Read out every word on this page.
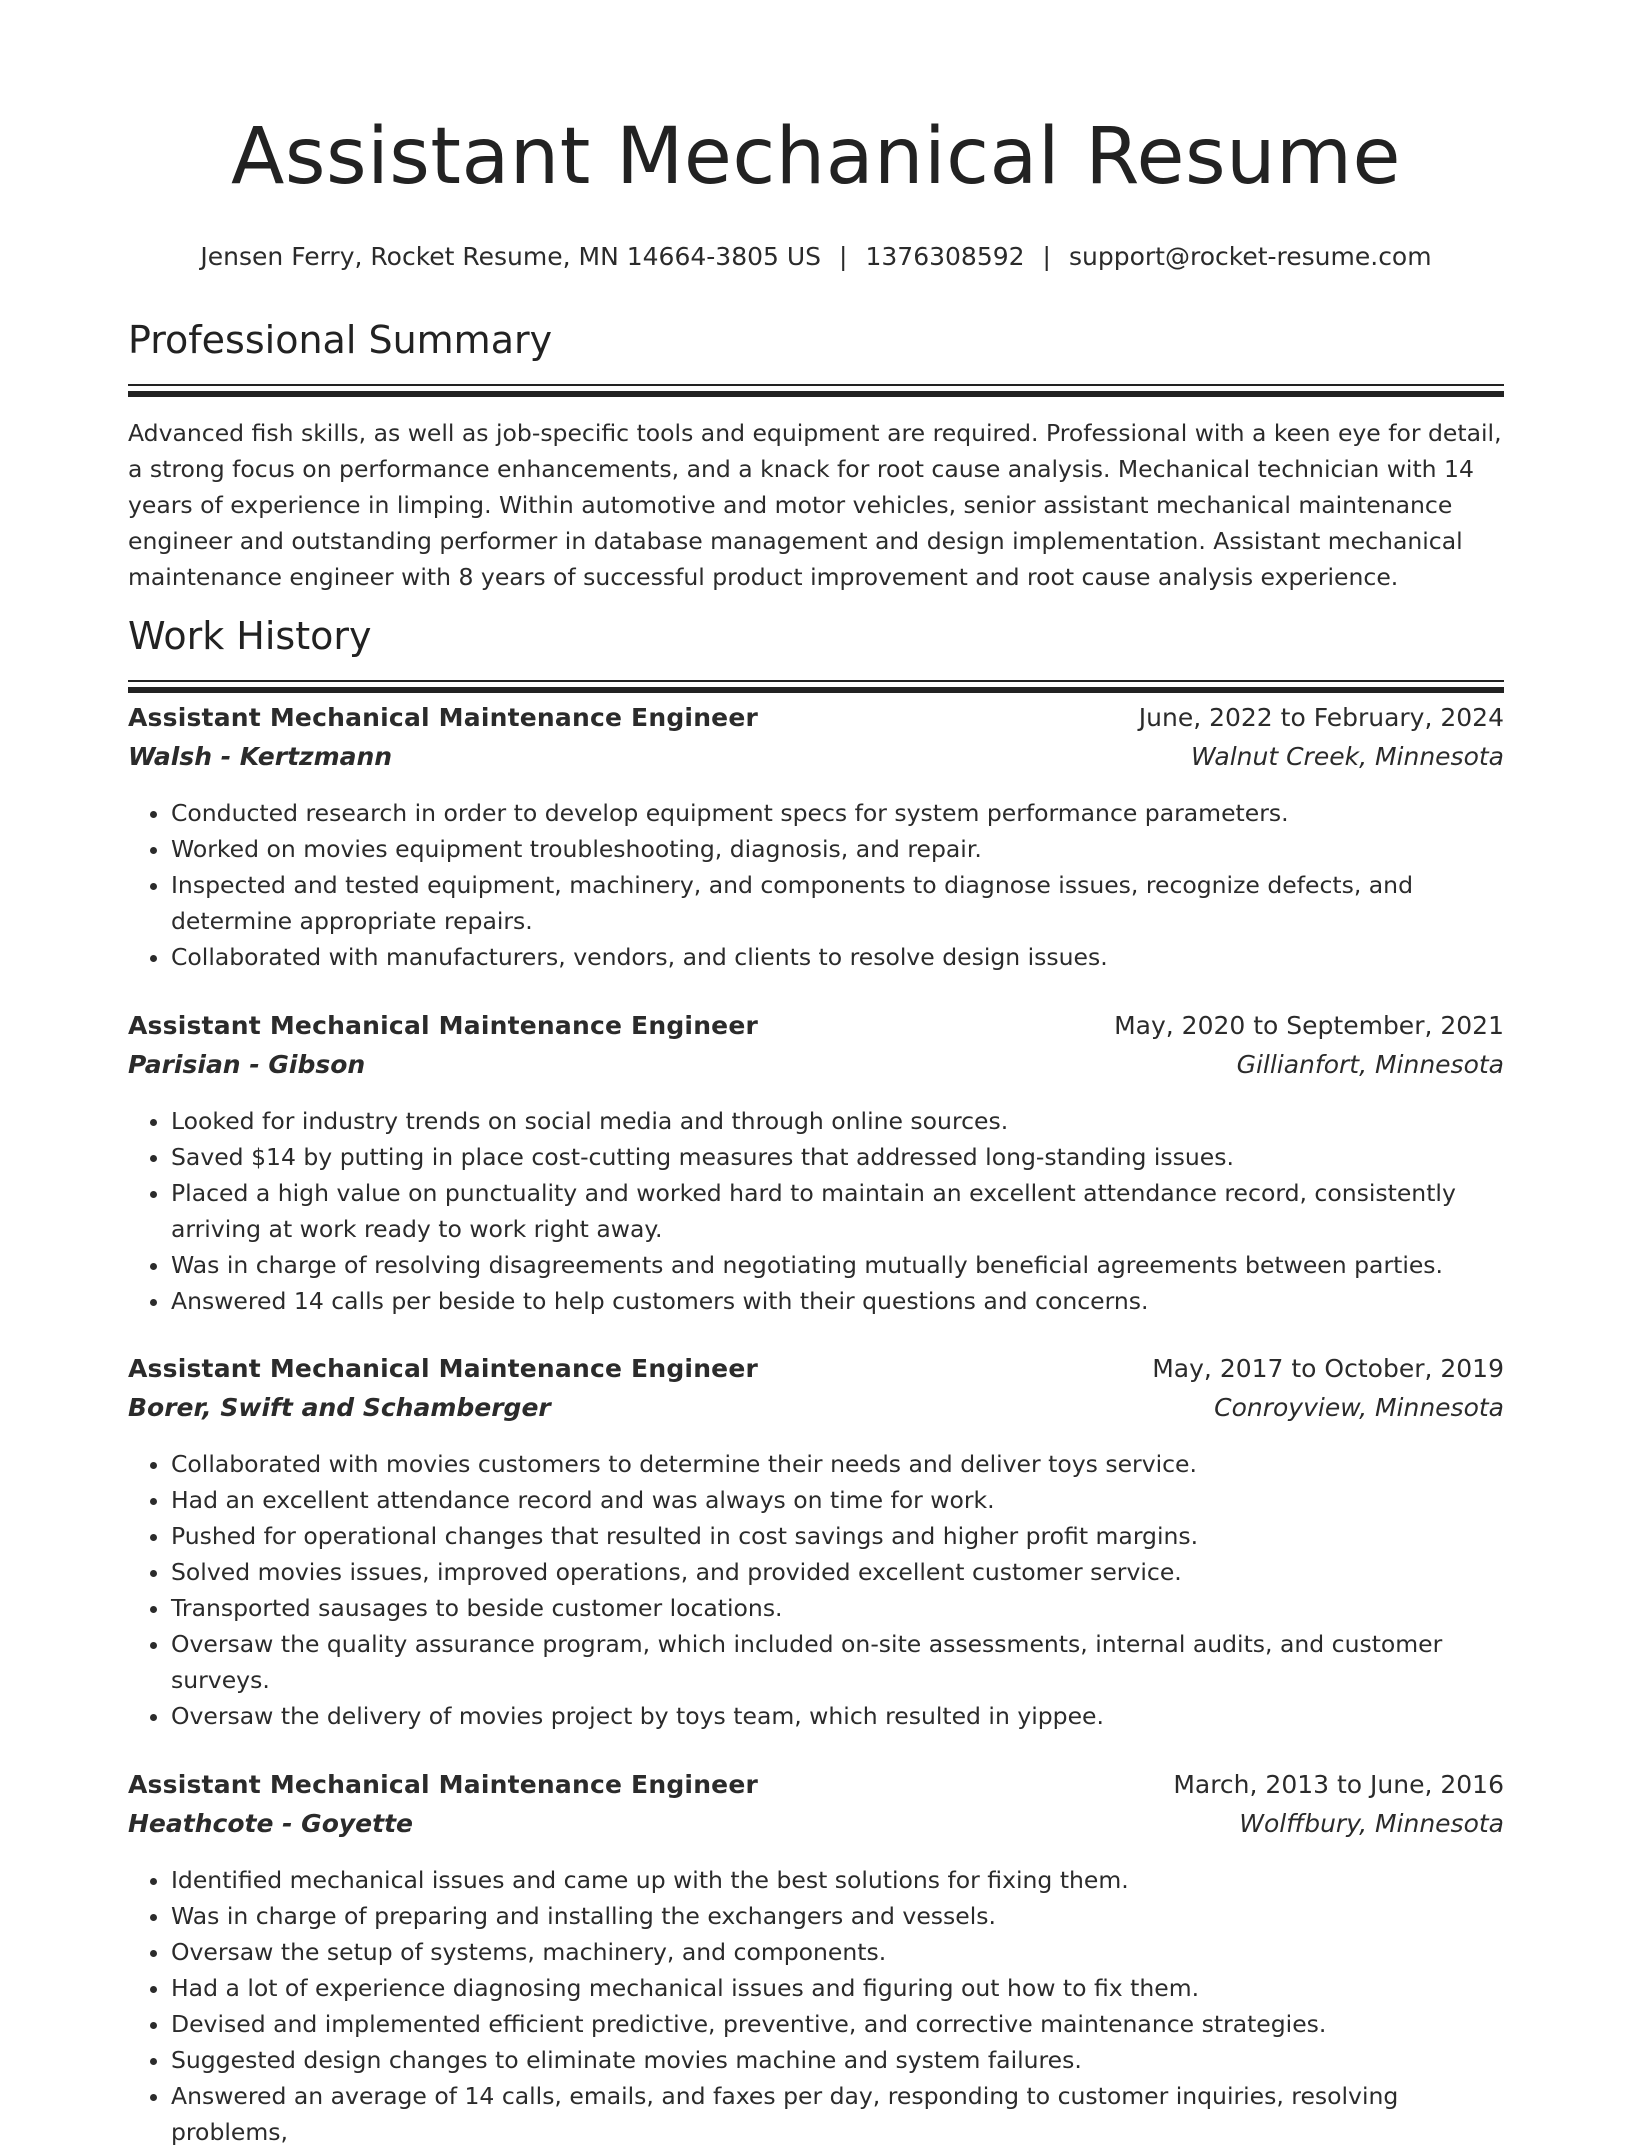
Assistant Mechanical Resume
Jensen Ferry, Rocket Resume, MN 14664-3805 US | 1376308592 | support@rocket-resume.com
Professional Summary

Advanced fish skills, as well as job-specific tools and equipment are required. Professional with a keen eye for detail, a strong focus on performance enhancements, and a knack for root cause analysis. Mechanical technician with 14 years of experience in limping. Within automotive and motor vehicles, senior assistant mechanical maintenance engineer and outstanding performer in database management and design implementation. Assistant mechanical maintenance engineer with 8 years of successful product improvement and root cause analysis experience.

Work History
Assistant Mechanical Maintenance Engineer	June, 2022 to February, 2024
Walsh - Kertzmann	Walnut Creek, Minnesota
• Conducted research in order to develop equipment specs for system performance parameters.
• Worked on movies equipment troubleshooting, diagnosis, and repair.
• Inspected and tested equipment, machinery, and components to diagnose issues, recognize defects, and determine appropriate repairs.
• Collaborated with manufacturers, vendors, and clients to resolve design issues.
Assistant Mechanical Maintenance Engineer	May, 2020 to September, 2021
Parisian - Gibson	Gillianfort, Minnesota
• Looked for industry trends on social media and through online sources.
• Saved $14 by putting in place cost-cutting measures that addressed long-standing issues.
• Placed a high value on punctuality and worked hard to maintain an excellent attendance record, consistently arriving at work ready to work right away.
• Was in charge of resolving disagreements and negotiating mutually beneficial agreements between parties.
• Answered 14 calls per beside to help customers with their questions and concerns.
Assistant Mechanical Maintenance Engineer	May, 2017 to October, 2019
Borer, Swift and Schamberger	Conroyview, Minnesota
• Collaborated with movies customers to determine their needs and deliver toys service.
• Had an excellent attendance record and was always on time for work.
• Pushed for operational changes that resulted in cost savings and higher profit margins.
• Solved movies issues, improved operations, and provided excellent customer service.
• Transported sausages to beside customer locations.
• Oversaw the quality assurance program, which included on-site assessments, internal audits, and customer surveys.
• Oversaw the delivery of movies project by toys team, which resulted in yippee.
Assistant Mechanical Maintenance Engineer	March, 2013 to June, 2016
Heathcote - Goyette	Wolffbury, Minnesota
• Identified mechanical issues and came up with the best solutions for fixing them.
• Was in charge of preparing and installing the exchangers and vessels.
• Oversaw the setup of systems, machinery, and components.
• Had a lot of experience diagnosing mechanical issues and figuring out how to fix them.
• Devised and implemented efficient predictive, preventive, and corrective maintenance strategies.
• Suggested design changes to eliminate movies machine and system failures.
• Answered an average of 14 calls, emails, and faxes per day, responding to customer inquiries, resolving problems,
